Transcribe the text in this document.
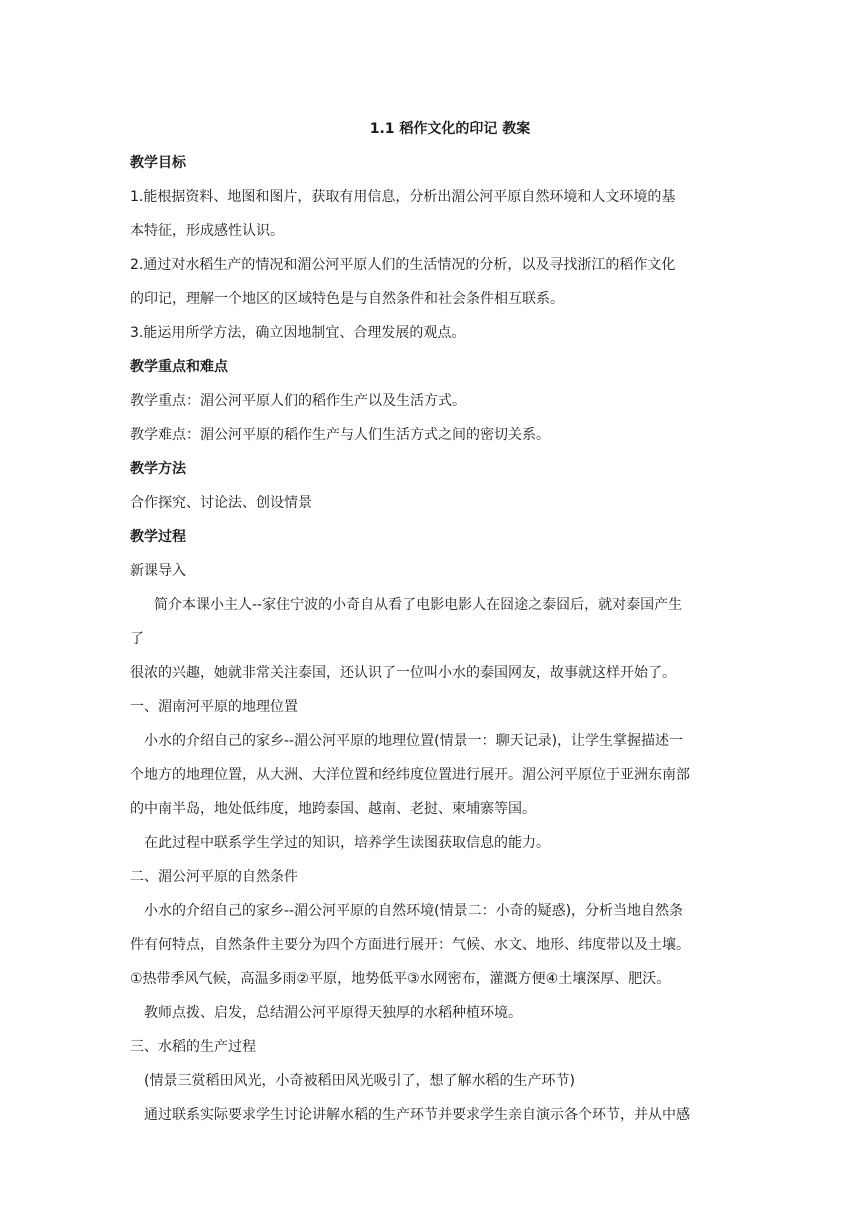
1.1 稻作文化的印记 教案

教学目标

1.能根据资料、地图和图片，获取有用信息，分析出湄公河平原自然环境和人文环境的基

本特征，形成感性认识。

2.通过对水稻生产的情况和湄公河平原人们的生活情况的分析，以及寻找浙江的稻作文化

的印记，理解一个地区的区域特色是与自然条件和社会条件相互联系。

3.能运用所学方法，确立因地制宜、合理发展的观点。

教学重点和难点

教学重点：湄公河平原人们的稻作生产以及生活方式。

教学难点：湄公河平原的稻作生产与人们生活方式之间的密切关系。

教学方法

合作探究、讨论法、创设情景

教学过程

新课导入

简介本课小主人--家住宁波的小奇自从看了电影电影人在囧途之泰囧后，就对泰国产生

了

很浓的兴趣，她就非常关注泰国，还认识了一位叫小水的泰国网友，故事就这样开始了。

一、湄南河平原的地理位置

小水的介绍自己的家乡--湄公河平原的地理位置(情景一：聊天记录)，让学生掌握描述一

个地方的地理位置，从大洲、大洋位置和经纬度位置进行展开。湄公河平原位于亚洲东南部

的中南半岛，地处低纬度，地跨泰国、越南、老挝、柬埔寨等国。

在此过程中联系学生学过的知识，培养学生读图获取信息的能力。

二、湄公河平原的自然条件

小水的介绍自己的家乡--湄公河平原的自然环境(情景二：小奇的疑惑)，分析当地自然条

件有何特点，自然条件主要分为四个方面进行展开：气候、水文、地形、纬度带以及土壤。

①热带季风气候，高温多雨②平原，地势低平③水网密布，灌溉方便④土壤深厚、肥沃。

教师点拨、启发，总结湄公河平原得天独厚的水稻种植环境。

三、水稻的生产过程

(情景三赏稻田风光，小奇被稻田风光吸引了，想了解水稻的生产环节)

通过联系实际要求学生讨论讲解水稻的生产环节并要求学生亲自演示各个环节，并从中感
